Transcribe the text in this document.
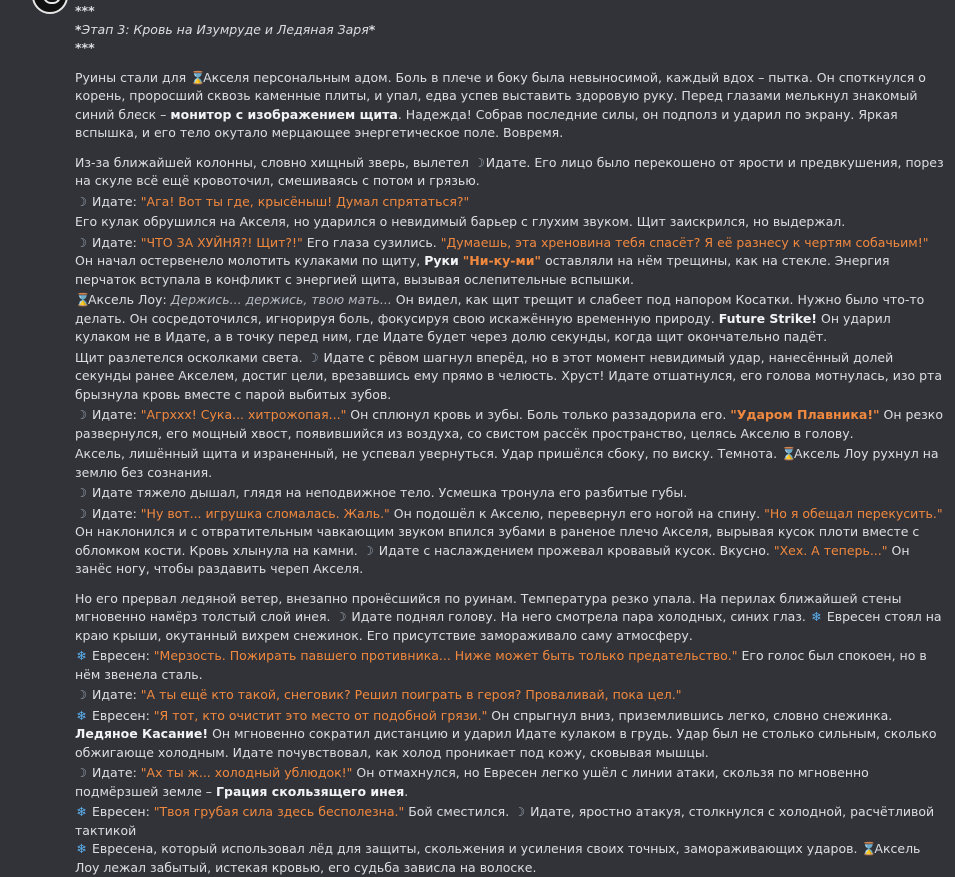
***

*Этап 3: Кровь на Изумруде и Ледяная Заря*

***

Руины стали для ⌛Акселя персональным адом. Боль в плече и боку была невыносимой, каждый вдох – пытка. Он споткнулся о корень, проросший сквозь каменные плиты, и упал, едва успев выставить здоровую руку. Перед глазами мелькнул знакомый синий блеск – монитор с изображением щита. Надежда! Собрав последние силы, он подполз и ударил по экрану. Яркая вспышка, и его тело окутало мерцающее энергетическое поле. Вовремя.

Из-за ближайшей колонны, словно хищный зверь, вылетел ☽Идате. Его лицо было перекошено от ярости и предвкушения, порез на скуле всё ещё кровоточил, смешиваясь с потом и грязью.

☽ Идате: "Ага! Вот ты где, крысёныш! Думал спрятаться?"

Его кулак обрушился на Акселя, но ударился о невидимый барьер с глухим звуком. Щит заискрился, но выдержал.

☽ Идате: "ЧТО ЗА ХУЙНЯ?! Щит?!" Его глаза сузились. "Думаешь, эта хреновина тебя спасёт? Я её разнесу к чертям собачьим!" Он начал остервенело молотить кулаками по щиту, Руки "Ни-ку-ми" оставляли на нём трещины, как на стекле. Энергия перчаток вступала в конфликт с энергией щита, вызывая ослепительные вспышки.

⌛Аксель Лоу: Держись... держись, твою мать... Он видел, как щит трещит и слабеет под напором Косатки. Нужно было что-то делать. Он сосредоточился, игнорируя боль, фокусируя свою искажённую временную природу. Future Strike! Он ударил кулаком не в Идате, а в точку перед ним, где Идате будет через долю секунды, когда щит окончательно падёт.

Щит разлетелся осколками света. ☽ Идате с рёвом шагнул вперёд, но в этот момент невидимый удар, нанесённый долей секунды ранее Акселем, достиг цели, врезавшись ему прямо в челюсть. Хруст! Идате отшатнулся, его голова мотнулась, изо рта брызнула кровь вместе с парой выбитых зубов.

☽ Идате: "Агрххх! Сука... хитрожопая..." Он сплюнул кровь и зубы. Боль только раззадорила его. "Ударом Плавника!" Он резко развернулся, его мощный хвост, появившийся из воздуха, со свистом рассёк пространство, целясь Акселю в голову.

Аксель, лишённый щита и израненный, не успевал увернуться. Удар пришёлся сбоку, по виску. Темнота. ⌛Аксель Лоу рухнул на землю без сознания.

☽ Идате тяжело дышал, глядя на неподвижное тело. Усмешка тронула его разбитые губы.

☽ Идате: "Ну вот... игрушка сломалась. Жаль." Он подошёл к Акселю, перевернул его ногой на спину. "Но я обещал перекусить." Он наклонился и с отвратительным чавкающим звуком впился зубами в раненое плечо Акселя, вырывая кусок плоти вместе с обломком кости. Кровь хлынула на камни. ☽ Идате с наслаждением прожевал кровавый кусок. Вкусно. "Хех. А теперь..." Он занёс ногу, чтобы раздавить череп Акселя.

Но его прервал ледяной ветер, внезапно пронёсшийся по руинам. Температура резко упала. На перилах ближайшей стены мгновенно намёрз толстый слой инея. ☽ Идате поднял голову. На него смотрела пара холодных, синих глаз. ❄ Евресен стоял на краю крыши, окутанный вихрем снежинок. Его присутствие замораживало саму атмосферу.

❄ Евресен: "Мерзость. Пожирать павшего противника... Ниже может быть только предательство." Его голос был спокоен, но в нём звенела сталь.

☽ Идате: "А ты ещё кто такой, снеговик? Решил поиграть в героя? Проваливай, пока цел."

❄ Евресен: "Я тот, кто очистит это место от подобной грязи." Он спрыгнул вниз, приземлившись легко, словно снежинка. Ледяное Касание! Он мгновенно сократил дистанцию и ударил Идате кулаком в грудь. Удар был не столько сильным, сколько обжигающе холодным. Идате почувствовал, как холод проникает под кожу, сковывая мышцы.

☽ Идате: "Ах ты ж... холодный ублюдок!" Он отмахнулся, но Евресен легко ушёл с линии атаки, скользя по мгновенно подмёрзшей земле – Грация скользящего инея.

❄ Евресен: "Твоя грубая сила здесь бесполезна." Бой сместился. ☽ Идате, яростно атакуя, столкнулся с холодной, расчётливой тактикой
❄ Евресена, который использовал лёд для защиты, скольжения и усиления своих точных, замораживающих ударов. ⌛Аксель Лоу лежал забытый, истекая кровью, его судьба зависла на волоске.
